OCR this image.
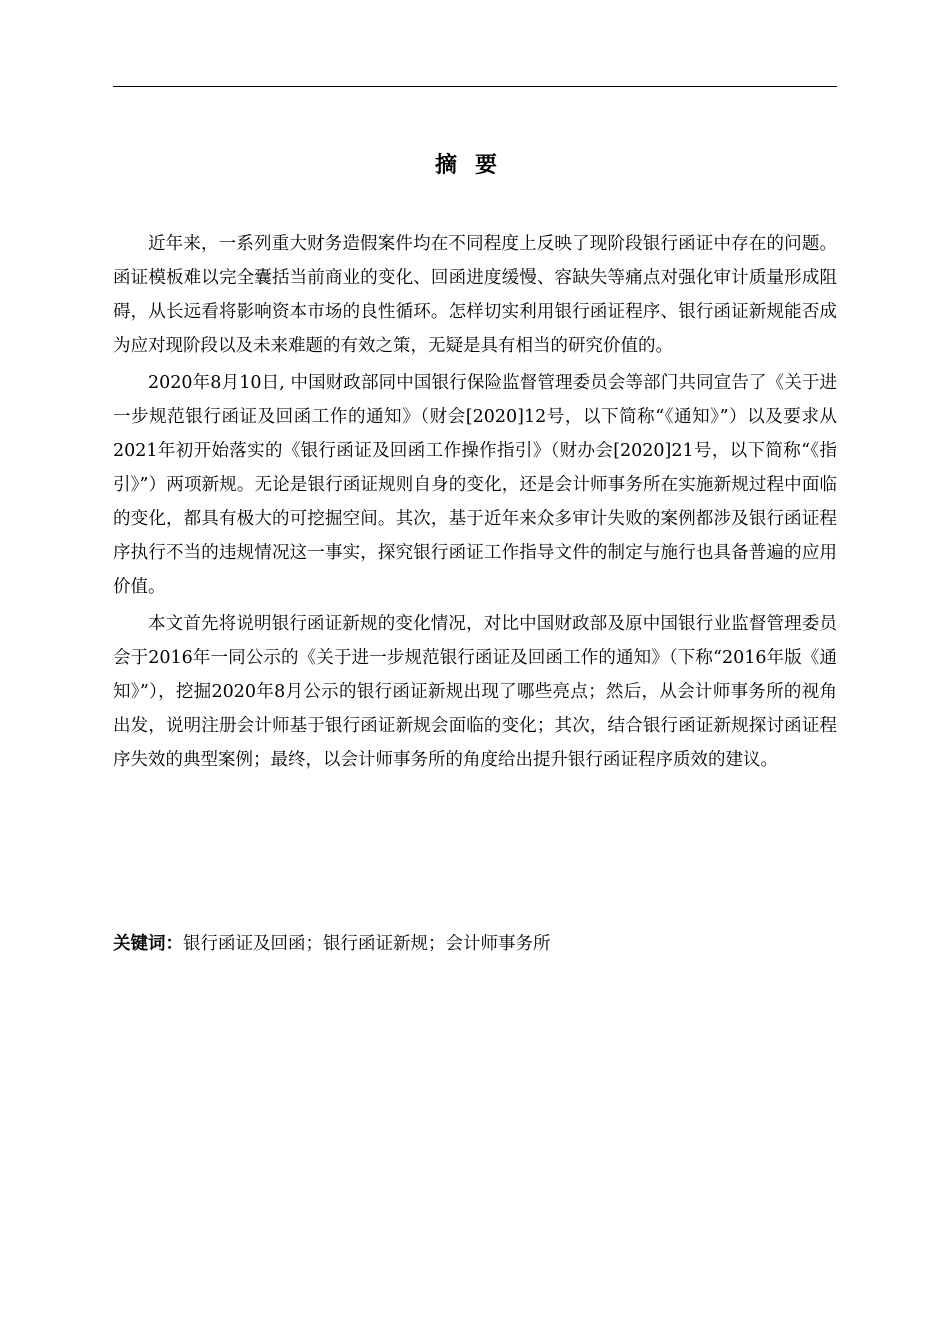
摘要

近年来，一系列重大财务造假案件均在不同程度上反映了现阶段银行函证中存在的问题。函证模板难以完全囊括当前商业的变化、回函进度缓慢、容缺失等痛点对强化审计质量形成阻碍，从长远看将影响资本市场的良性循环。怎样切实利用银行函证程序、银行函证新规能否成为应对现阶段以及未来难题的有效之策，无疑是具有相当的研究价值的。

2020年8月10日, 中国财政部同中国银行保险监督管理委员会等部门共同宣告了《关于进一步规范银行函证及回函工作的通知》（财会[2020]12号，以下简称“《通知》”）以及要求从2021年初开始落实的《银行函证及回函工作操作指引》（财办会[2020]21号，以下简称“《指引》”）两项新规。无论是银行函证规则自身的变化，还是会计师事务所在实施新规过程中面临的变化，都具有极大的可挖掘空间。其次，基于近年来众多审计失败的案例都涉及银行函证程序执行不当的违规情况这一事实，探究银行函证工作指导文件的制定与施行也具备普遍的应用价值。

本文首先将说明银行函证新规的变化情况，对比中国财政部及原中国银行业监督管理委员会于2016年一同公示的《关于进一步规范银行函证及回函工作的通知》（下称“2016年版《通知》”），挖掘2020年8月公示的银行函证新规出现了哪些亮点；然后，从会计师事务所的视角出发，说明注册会计师基于银行函证新规会面临的变化；其次，结合银行函证新规探讨函证程序失效的典型案例；最终，以会计师事务所的角度给出提升银行函证程序质效的建议。

关键词：银行函证及回函；银行函证新规；会计师事务所
